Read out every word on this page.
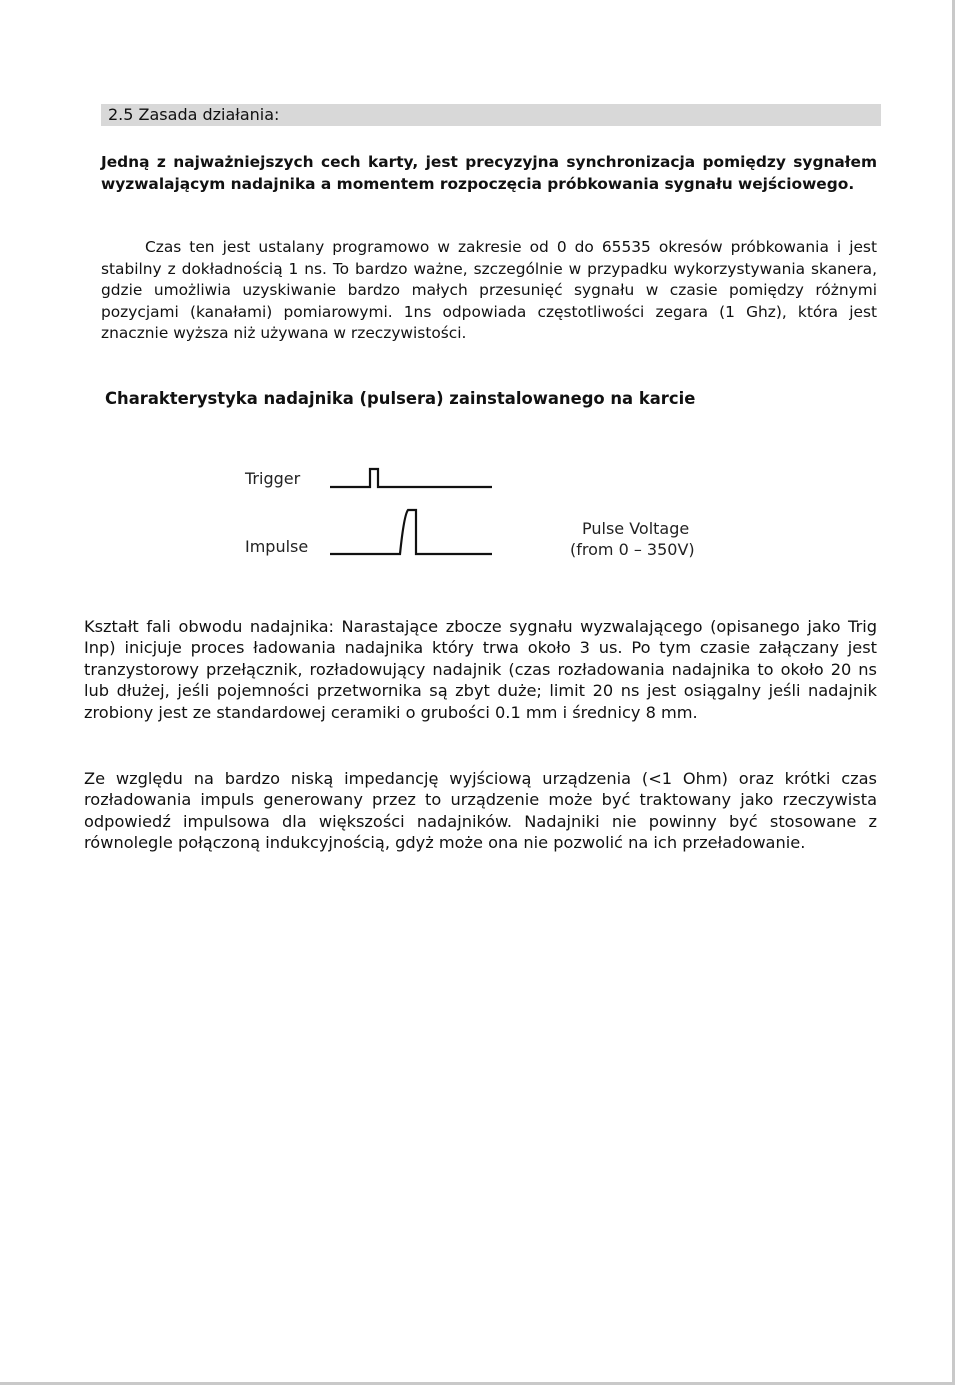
2.5 Zasada działania:
Jedną z najważniejszych cech karty, jest precyzyjna synchronizacja pomiędzy sygnałem wyzwalającym nadajnika a momentem rozpoczęcia próbkowania sygnału wejściowego.
Czas ten jest ustalany programowo w zakresie od 0 do 65535 okresów próbkowania i jest stabilny z dokładnością 1 ns. To bardzo ważne, szczególnie w przypadku wykorzystywania skanera, gdzie umożliwia uzyskiwanie bardzo małych przesunięć sygnału w czasie pomiędzy różnymi pozycjami (kanałami) pomiarowymi. 1ns odpowiada częstotliwości zegara (1 Ghz), która jest znacznie wyższa niż używana w rzeczywistości.
Charakterystyka nadajnika (pulsera) zainstalowanego na karcie
Trigger
Impulse
Pulse Voltage
(from 0 – 350V)
Kształt fali obwodu nadajnika: Narastające zbocze sygnału wyzwalającego (opisanego jako Trig Inp) inicjuje proces ładowania nadajnika który trwa około 3 us. Po tym czasie załączany jest tranzystorowy przełącznik, rozładowujący nadajnik (czas rozładowania nadajnika to około 20 ns lub dłużej, jeśli pojemności przetwornika są zbyt duże; limit 20 ns jest osiągalny jeśli nadajnik zrobiony jest ze standardowej ceramiki o grubości 0.1 mm i średnicy 8 mm.
Ze względu na bardzo niską impedancję wyjściową urządzenia (<1 Ohm) oraz krótki czas rozładowania impuls generowany przez to urządzenie może być traktowany jako rzeczywista odpowiedź impulsowa dla większości nadajników. Nadajniki nie powinny być stosowane z równolegle połączoną indukcyjnością, gdyż może ona nie pozwolić na ich przeładowanie.
